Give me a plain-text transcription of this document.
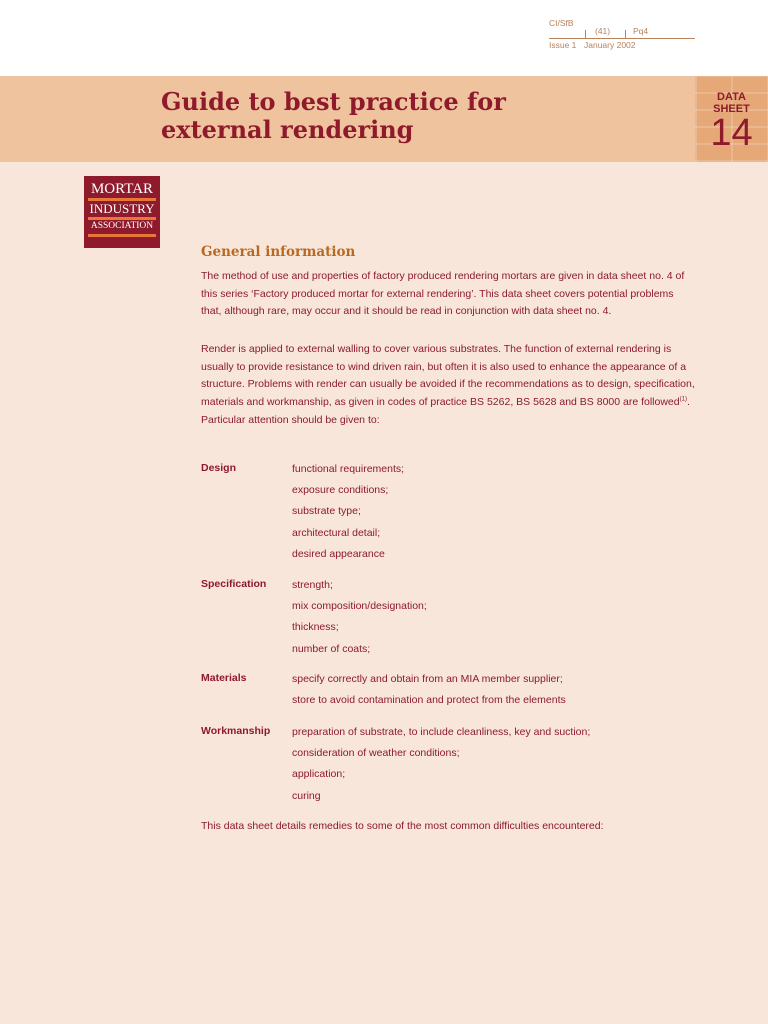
CI/SfB
(41)	Pq4
Issue 1 January 2002
Guide to best practice for
external rendering
DATA
SHEET
14
MORTAR
INDUSTRY
ASSOCIATION
General information

The method of use and properties of factory produced rendering mortars are given in data sheet no. 4 of this series ‘Factory produced mortar for external rendering’. This data sheet covers potential problems that, although rare, may occur and it should be read in conjunction with data sheet no. 4.

Render is applied to external walling to cover various substrates. The function of external rendering is usually to provide resistance to wind driven rain, but often it is also used to enhance the appearance of a structure. Problems with render can usually be avoided if the recommendations as to design, specification, materials and workmanship, as given in codes of practice BS 5262, BS 5628 and BS 8000 are followed$^{(1)}$. Particular attention should be given to:

Design	functional requirements;
exposure conditions;
substrate type;
architectural detail;
desired appearance

Specification strength;
mix composition/designation;
thickness;
number of coats;

Materials	specify correctly and obtain from an MIA member supplier;
store to avoid contamination and protect from the elements

Workmanship preparation of substrate, to include cleanliness, key and suction;
consideration of weather conditions;
application;
curing

This data sheet details remedies to some of the most common difficulties encountered:
